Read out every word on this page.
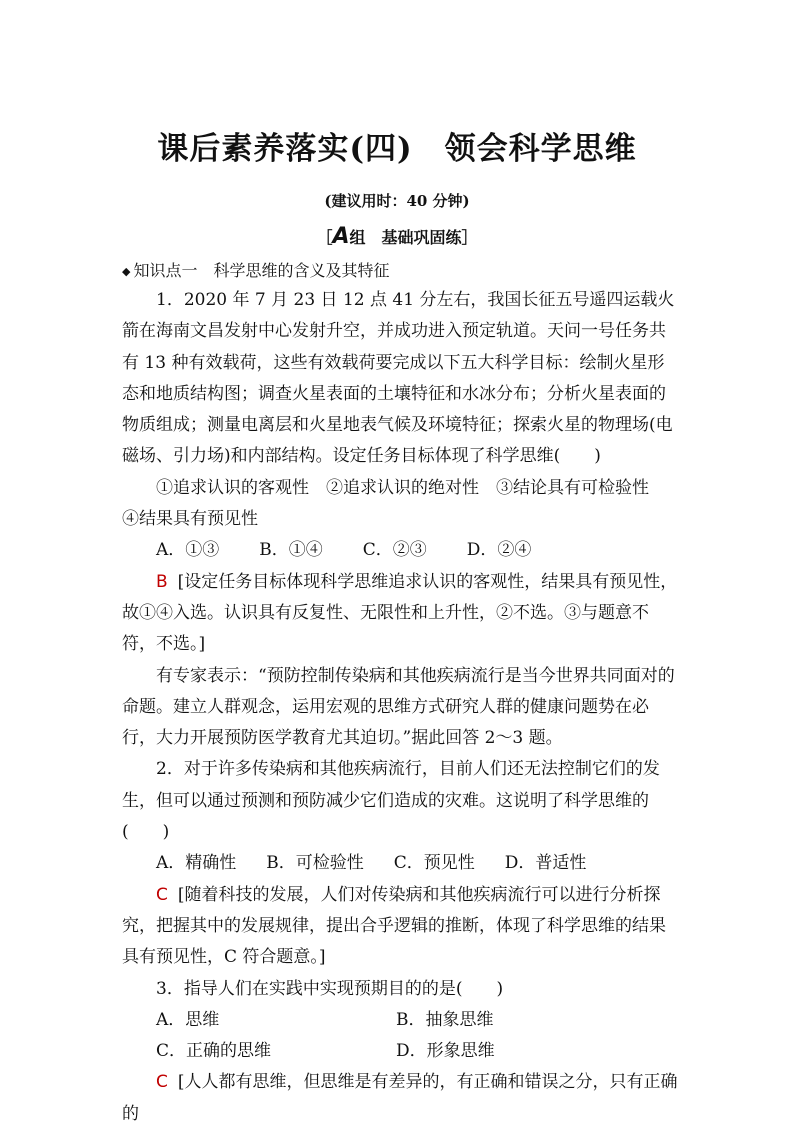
课后素养落实(四)　领会科学思维
(建议用时：40 分钟)
［A组　基础巩固练］
◆ 知识点一　科学思维的含义及其特征

1．2020 年 7 月 23 日 12 点 41 分左右，我国长征五号遥四运载火箭在海南文昌发射中心发射升空，并成功进入预定轨道。天问一号任务共有 13 种有效载荷，这些有效载荷要完成以下五大科学目标：绘制火星形态和地质结构图；调查火星表面的土壤特征和水冰分布；分析火星表面的物质组成；测量电离层和火星地表气候及环境特征；探索火星的物理场(电磁场、引力场)和内部结构。设定任务目标体现了科学思维(　　)

①追求认识的客观性　②追求认识的绝对性　③结论具有可检验性　④结果具有预见性

A．①③ B．①④ C．②③ D．②④

B [设定任务目标体现科学思维追求认识的客观性，结果具有预见性，故①④入选。认识具有反复性、无限性和上升性，②不选。③与题意不符，不选。]

有专家表示：“预防控制传染病和其他疾病流行是当今世界共同面对的命题。建立人群观念，运用宏观的思维方式研究人群的健康问题势在必行，大力开展预防医学教育尤其迫切。”据此回答 2～3 题。

2．对于许多传染病和其他疾病流行，目前人们还无法控制它们的发生，但可以通过预测和预防减少它们造成的灾难。这说明了科学思维的(　　)

A．精确性 B．可检验性 C．预见性 D．普适性

C [随着科技的发展，人们对传染病和其他疾病流行可以进行分析探究，把握其中的发展规律，提出合乎逻辑的推断，体现了科学思维的结果具有预见性，C 符合题意。]

3．指导人们在实践中实现预期目的的是(　　)

A．思维	B．抽象思维
C．正确的思维	D．形象思维

C [人人都有思维，但思维是有差异的，有正确和错误之分，只有正确的
